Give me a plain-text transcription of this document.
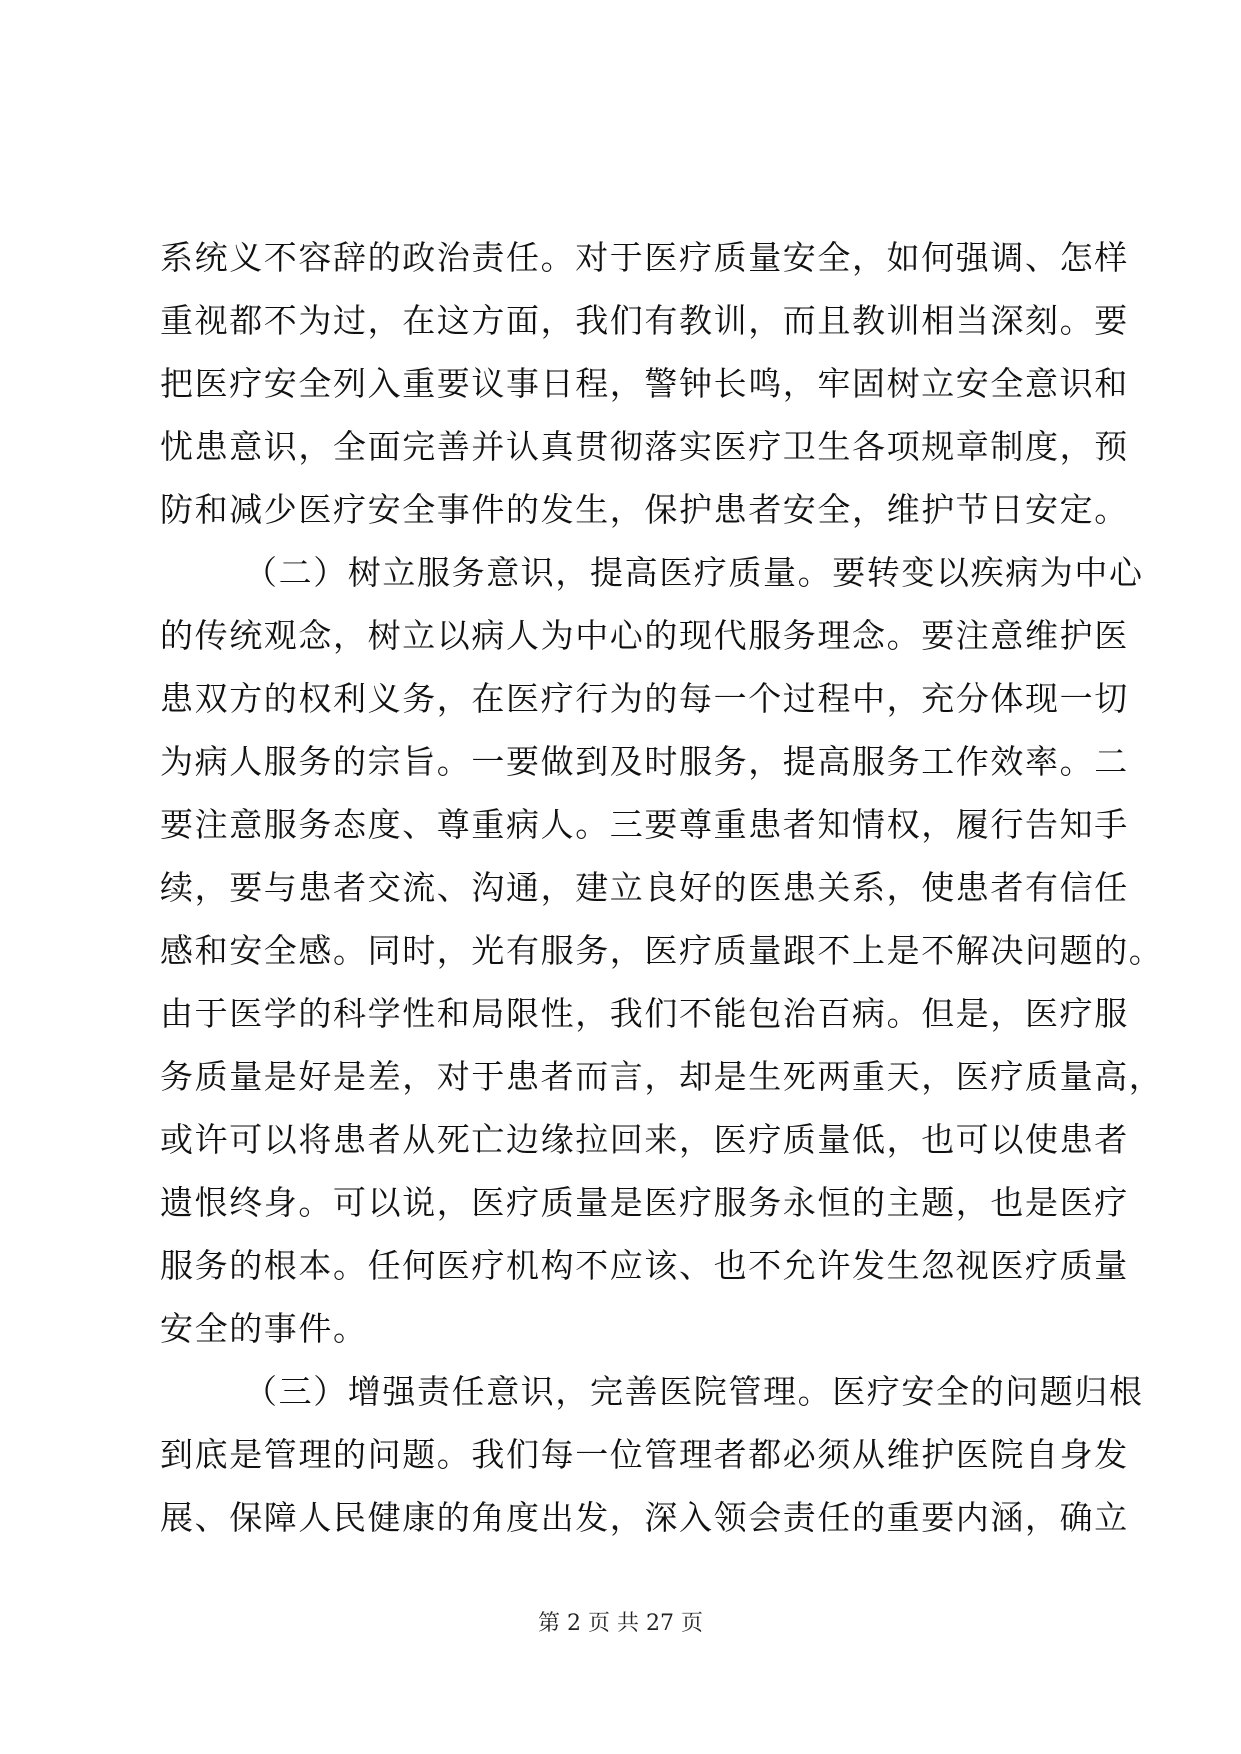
系统义不容辞的政治责任。对于医疗质量安全，如何强调、怎样
重视都不为过，在这方面，我们有教训，而且教训相当深刻。要
把医疗安全列入重要议事日程，警钟长鸣，牢固树立安全意识和
忧患意识，全面完善并认真贯彻落实医疗卫生各项规章制度，预
防和减少医疗安全事件的发生，保护患者安全，维护节日安定。
（二）树立服务意识，提高医疗质量。要转变以疾病为中心
的传统观念，树立以病人为中心的现代服务理念。要注意维护医
患双方的权利义务，在医疗行为的每一个过程中，充分体现一切
为病人服务的宗旨。一要做到及时服务，提高服务工作效率。二
要注意服务态度、尊重病人。三要尊重患者知情权，履行告知手
续，要与患者交流、沟通，建立良好的医患关系，使患者有信任
感和安全感。同时，光有服务，医疗质量跟不上是不解决问题的。
由于医学的科学性和局限性，我们不能包治百病。但是，医疗服
务质量是好是差，对于患者而言，却是生死两重天，医疗质量高，
或许可以将患者从死亡边缘拉回来，医疗质量低，也可以使患者
遗恨终身。可以说，医疗质量是医疗服务永恒的主题，也是医疗
服务的根本。任何医疗机构不应该、也不允许发生忽视医疗质量
安全的事件。
（三）增强责任意识，完善医院管理。医疗安全的问题归根
到底是管理的问题。我们每一位管理者都必须从维护医院自身发
展、保障人民健康的角度出发，深入领会责任的重要内涵，确立
第 2 页 共 27 页
